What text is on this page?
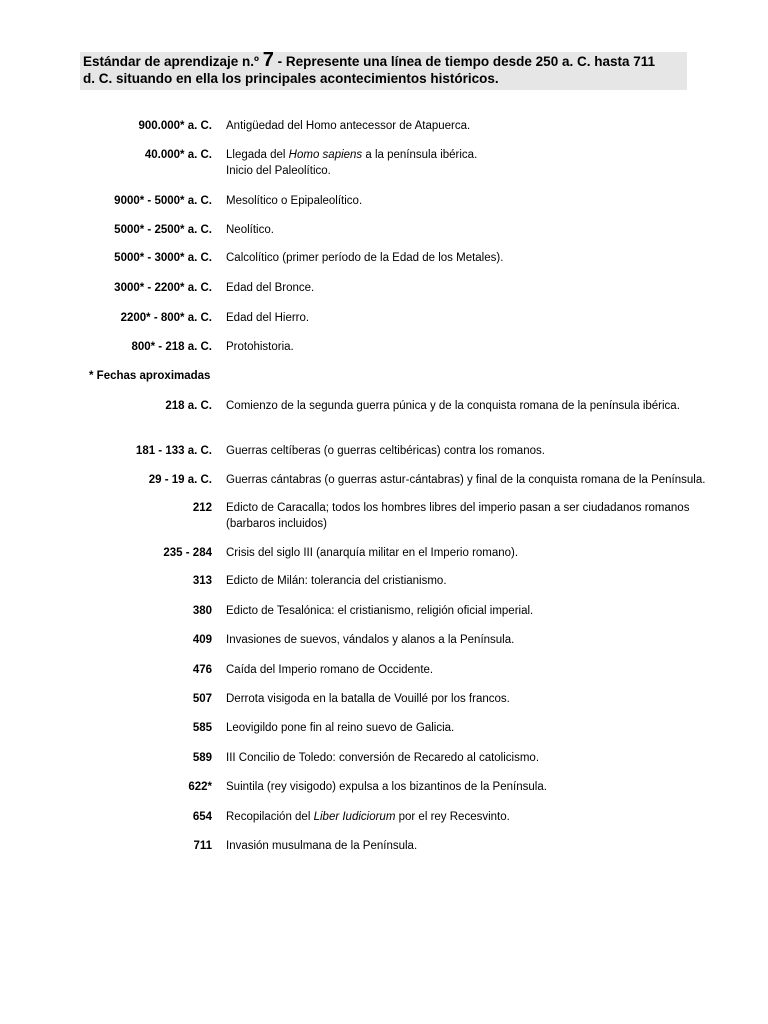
Estándar de aprendizaje n.º 7 - Represente una línea de tiempo desde 250 a. C. hasta 711
d. C. situando en ella los principales acontecimientos históricos.
900.000* a. C. Antigüedad del Homo antecessor de Atapuerca.
40.000* a. C. Llegada del Homo sapiens a la península ibérica.
Inicio del Paleolítico.
9000* - 5000* a. C. Mesolítico o Epipaleolítico.
5000* - 2500* a. C. Neolítico.
5000* - 3000* a. C. Calcolítico (primer período de la Edad de los Metales).
3000* - 2200* a. C. Edad del Bronce.
2200* - 800* a. C. Edad del Hierro.
800* - 218 a. C. Protohistoria.
* Fechas aproximadas
218 a. C. Comienzo de la segunda guerra púnica y de la conquista romana de la península ibérica.
181 - 133 a. C. Guerras celtíberas (o guerras celtibéricas) contra los romanos.
29 - 19 a. C. Guerras cántabras (o guerras astur-cántabras) y final de la conquista romana de la Península.
212 Edicto de Caracalla; todos los hombres libres del imperio pasan a ser ciudadanos romanos
(barbaros incluidos)
235 - 284 Crisis del siglo III (anarquía militar en el Imperio romano).
313 Edicto de Milán: tolerancia del cristianismo.
380 Edicto de Tesalónica: el cristianismo, religión oficial imperial.
409 Invasiones de suevos, vándalos y alanos a la Península.
476 Caída del Imperio romano de Occidente.
507 Derrota visigoda en la batalla de Vouillé por los francos.
585 Leovigildo pone fin al reino suevo de Galicia.
589 III Concilio de Toledo: conversión de Recaredo al catolicismo.
622* Suintila (rey visigodo) expulsa a los bizantinos de la Península.
654 Recopilación del Liber Iudiciorum por el rey Recesvinto.
711 Invasión musulmana de la Península.
